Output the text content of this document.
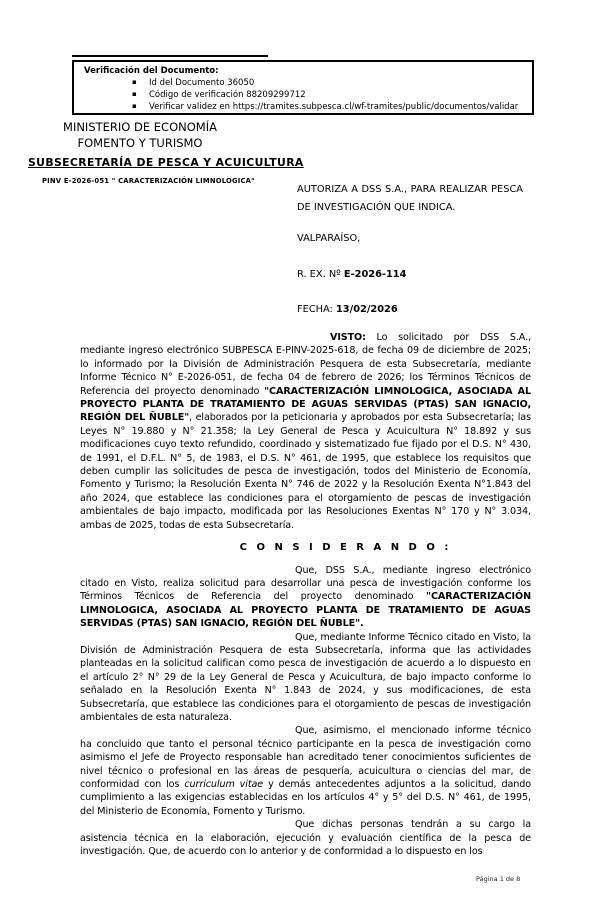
Verificación del Documento:
▪ Id del Documento 36050
▪ Código de verificación 88209299712
▪ Verificar validez en https://tramites.subpesca.cl/wf-tramites/public/documentos/validar
MINISTERIO DE ECONOMÍA
FOMENTO Y TURISMO
SUBSECRETARÍA DE PESCA Y ACUICULTURA
PINV E-2026-051 " CARACTERIZACIÓN LIMNOLOGICA"
AUTORIZA A DSS S.A., PARA REALIZAR PESCA DE INVESTIGACIÓN QUE INDICA.
VALPARAÍSO,
R. EX. Nº E-2026-114
FECHA: 13/02/2026

VISTO: Lo solicitado por DSS S.A., mediante ingreso electrónico SUBPESCA E-PINV-2025-618, de fecha 09 de diciembre de 2025; lo informado por la División de Administración Pesquera de esta Subsecretaría, mediante Informe Técnico N° E-2026-051, de fecha 04 de febrero de 2026; los Términos Técnicos de Referencia del proyecto denominado "CARACTERIZACIÓN LIMNOLOGICA, ASOCIADA AL PROYECTO PLANTA DE TRATAMIENTO DE AGUAS SERVIDAS (PTAS) SAN IGNACIO, REGIÓN DEL ÑUBLE", elaborados por la peticionaria y aprobados por esta Subsecretaría; las Leyes N° 19.880 y N° 21.358; la Ley General de Pesca y Acuicultura N° 18.892 y sus modificaciones cuyo texto refundido, coordinado y sistematizado fue fijado por el D.S. N° 430, de 1991, el D.F.L. N° 5, de 1983, el D.S. N° 461, de 1995, que establece los requisitos que deben cumplir las solicitudes de pesca de investigación, todos del Ministerio de Economía, Fomento y Turismo; la Resolución Exenta N° 746 de 2022 y la Resolución Exenta N°1.843 del año 2024, que establece las condiciones para el otorgamiento de pescas de investigación ambientales de bajo impacto, modificada por las Resoluciones Exentas N° 170 y N° 3.034, ambas de 2025, todas de esta Subsecretaría.

C O N S I D E R A N D O :

Que, DSS S.A., mediante ingreso electrónico citado en Visto, realiza solicitud para desarrollar una pesca de investigación conforme los Términos Técnicos de Referencia del proyecto denominado "CARACTERIZACIÓN LIMNOLOGICA, ASOCIADA AL PROYECTO PLANTA DE TRATAMIENTO DE AGUAS SERVIDAS (PTAS) SAN IGNACIO, REGIÓN DEL ÑUBLE".

Que, mediante Informe Técnico citado en Visto, la División de Administración Pesquera de esta Subsecretaría, informa que las actividades planteadas en la solicitud califican como pesca de investigación de acuerdo a lo dispuesto en el artículo 2° N° 29 de la Ley General de Pesca y Acuicultura, de bajo impacto conforme lo señalado en la Resolución Exenta N° 1.843 de 2024, y sus modificaciones, de esta Subsecretaría, que establece las condiciones para el otorgamiento de pescas de investigación ambientales de esta naturaleza.

Que, asimismo, el mencionado informe técnico ha concluido que tanto el personal técnico participante en la pesca de investigación como asimismo el Jefe de Proyecto responsable han acreditado tener conocimientos suficientes de nivel técnico o profesional en las áreas de pesquería, acuicultura o ciencias del mar, de conformidad con los curriculum vitae y demás antecedentes adjuntos a la solicitud, dando cumplimiento a las exigencias establecidas en los artículos 4° y 5° del D.S. N° 461, de 1995, del Ministerio de Economía, Fomento y Turismo.

Que dichas personas tendrán a su cargo la asistencia técnica en la elaboración, ejecución y evaluación científica de la pesca de investigación. Que, de acuerdo con lo anterior y de conformidad a lo dispuesto en los

Página 1 de 8
